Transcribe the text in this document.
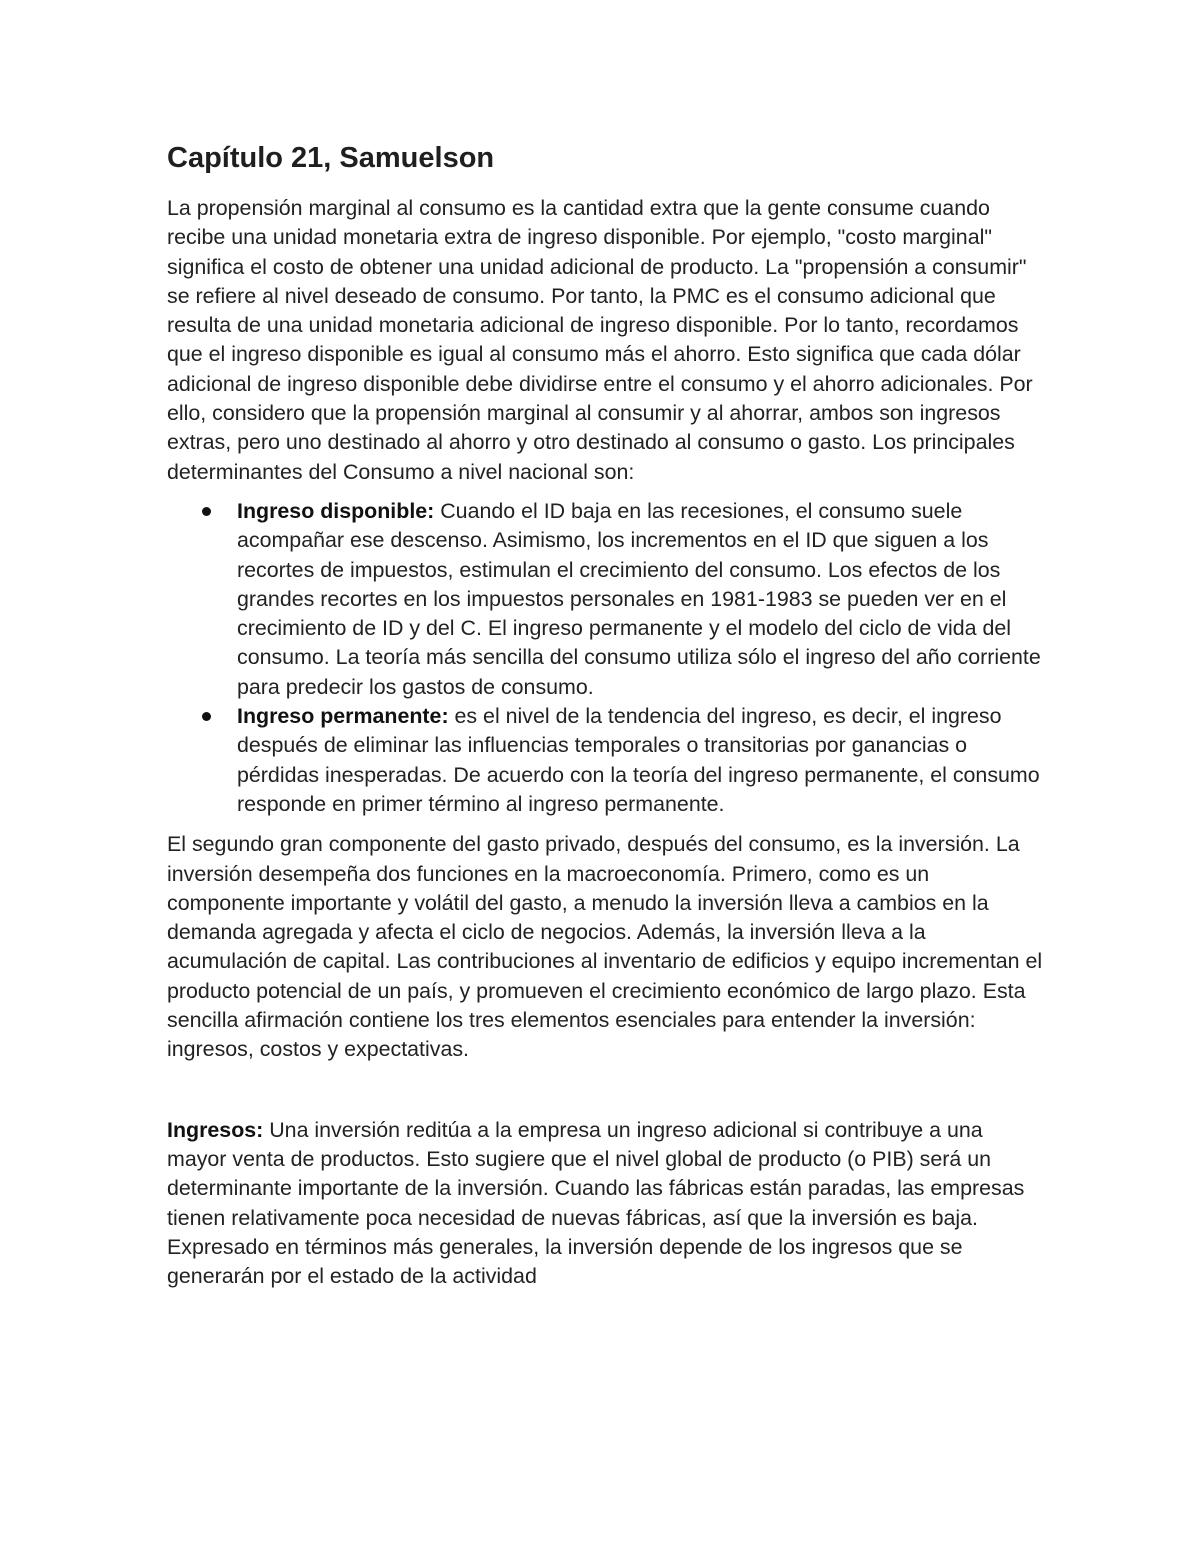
Capítulo 21, Samuelson

La propensión marginal al consumo es la cantidad extra que la gente consume cuando recibe una unidad monetaria extra de ingreso disponible. Por ejemplo, "costo marginal" significa el costo de obtener una unidad adicional de producto. La "propensión a consumir" se refiere al nivel deseado de consumo. Por tanto, la PMC es el consumo adicional que resulta de una unidad monetaria adicional de ingreso disponible. Por lo tanto, recordamos que el ingreso disponible es igual al consumo más el ahorro. Esto significa que cada dólar adicional de ingreso disponible debe dividirse entre el consumo y el ahorro adicionales. Por ello, considero que la propensión marginal al consumir y al ahorrar, ambos son ingresos extras, pero uno destinado al ahorro y otro destinado al consumo o gasto. Los principales determinantes del Consumo a nivel nacional son:

Ingreso disponible: Cuando el ID baja en las recesiones, el consumo suele acompañar ese descenso. Asimismo, los incrementos en el ID que siguen a los recortes de impuestos, estimulan el crecimiento del consumo. Los efectos de los grandes recortes en los impuestos personales en 1981-1983 se pueden ver en el crecimiento de ID y del C. El ingreso permanente y el modelo del ciclo de vida del consumo. La teoría más sencilla del consumo utiliza sólo el ingreso del año corriente para predecir los gastos de consumo.
Ingreso permanente: es el nivel de la tendencia del ingreso, es decir, el ingreso después de eliminar las influencias temporales o transitorias por ganancias o pérdidas inesperadas. De acuerdo con la teoría del ingreso permanente, el consumo responde en primer término al ingreso permanente.

El segundo gran componente del gasto privado, después del consumo, es la inversión. La inversión desempeña dos funciones en la macroeconomía. Primero, como es un componente importante y volátil del gasto, a menudo la inversión lleva a cambios en la demanda agregada y afecta el ciclo de negocios. Además, la inversión lleva a la acumulación de capital. Las contribuciones al inventario de edificios y equipo incrementan el producto potencial de un país, y promueven el crecimiento económico de largo plazo. Esta sencilla afirmación contiene los tres elementos esenciales para entender la inversión: ingresos, costos y expectativas.

Ingresos: Una inversión reditúa a la empresa un ingreso adicional si contribuye a una mayor venta de productos. Esto sugiere que el nivel global de producto (o PIB) será un determinante importante de la inversión. Cuando las fábricas están paradas, las empresas tienen relativamente poca necesidad de nuevas fábricas, así que la inversión es baja. Expresado en términos más generales, la inversión depende de los ingresos que se generarán por el estado de la actividad
